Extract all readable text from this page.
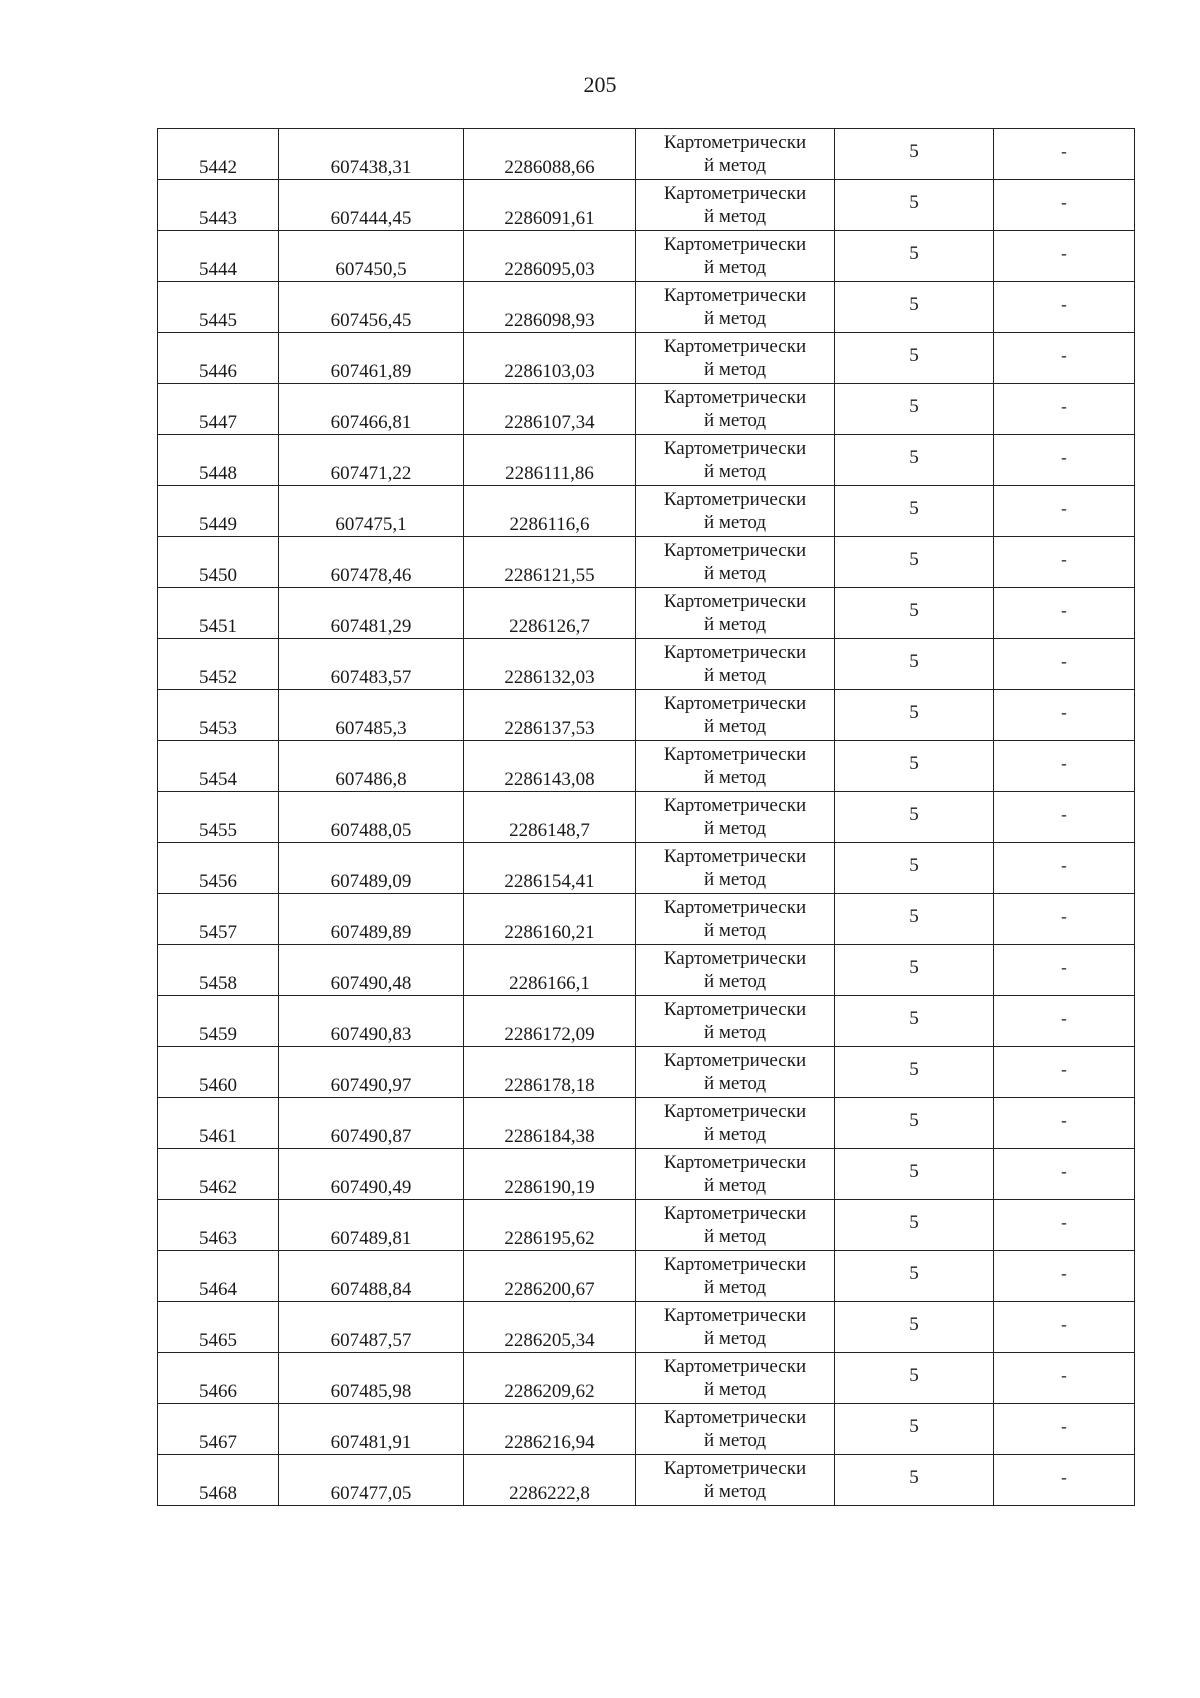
205
5442	607438,31	2286088,66	Картометрически
й метод	5	-
5443	607444,45	2286091,61	Картометрически
й метод	5	-
5444	607450,5	2286095,03	Картометрически
й метод	5	-
5445	607456,45	2286098,93	Картометрически
й метод	5	-
5446	607461,89	2286103,03	Картометрически
й метод	5	-
5447	607466,81	2286107,34	Картометрически
й метод	5	-
5448	607471,22	2286111,86	Картометрически
й метод	5	-
5449	607475,1	2286116,6	Картометрически
й метод	5	-
5450	607478,46	2286121,55	Картометрически
й метод	5	-
5451	607481,29	2286126,7	Картометрически
й метод	5	-
5452	607483,57	2286132,03	Картометрически
й метод	5	-
5453	607485,3	2286137,53	Картометрически
й метод	5	-
5454	607486,8	2286143,08	Картометрически
й метод	5	-
5455	607488,05	2286148,7	Картометрически
й метод	5	-
5456	607489,09	2286154,41	Картометрически
й метод	5	-
5457	607489,89	2286160,21	Картометрически
й метод	5	-
5458	607490,48	2286166,1	Картометрически
й метод	5	-
5459	607490,83	2286172,09	Картометрически
й метод	5	-
5460	607490,97	2286178,18	Картометрически
й метод	5	-
5461	607490,87	2286184,38	Картометрически
й метод	5	-
5462	607490,49	2286190,19	Картометрически
й метод	5	-
5463	607489,81	2286195,62	Картометрически
й метод	5	-
5464	607488,84	2286200,67	Картометрически
й метод	5	-
5465	607487,57	2286205,34	Картометрически
й метод	5	-
5466	607485,98	2286209,62	Картометрически
й метод	5	-
5467	607481,91	2286216,94	Картометрически
й метод	5	-
5468	607477,05	2286222,8	Картометрически
й метод	5	-
